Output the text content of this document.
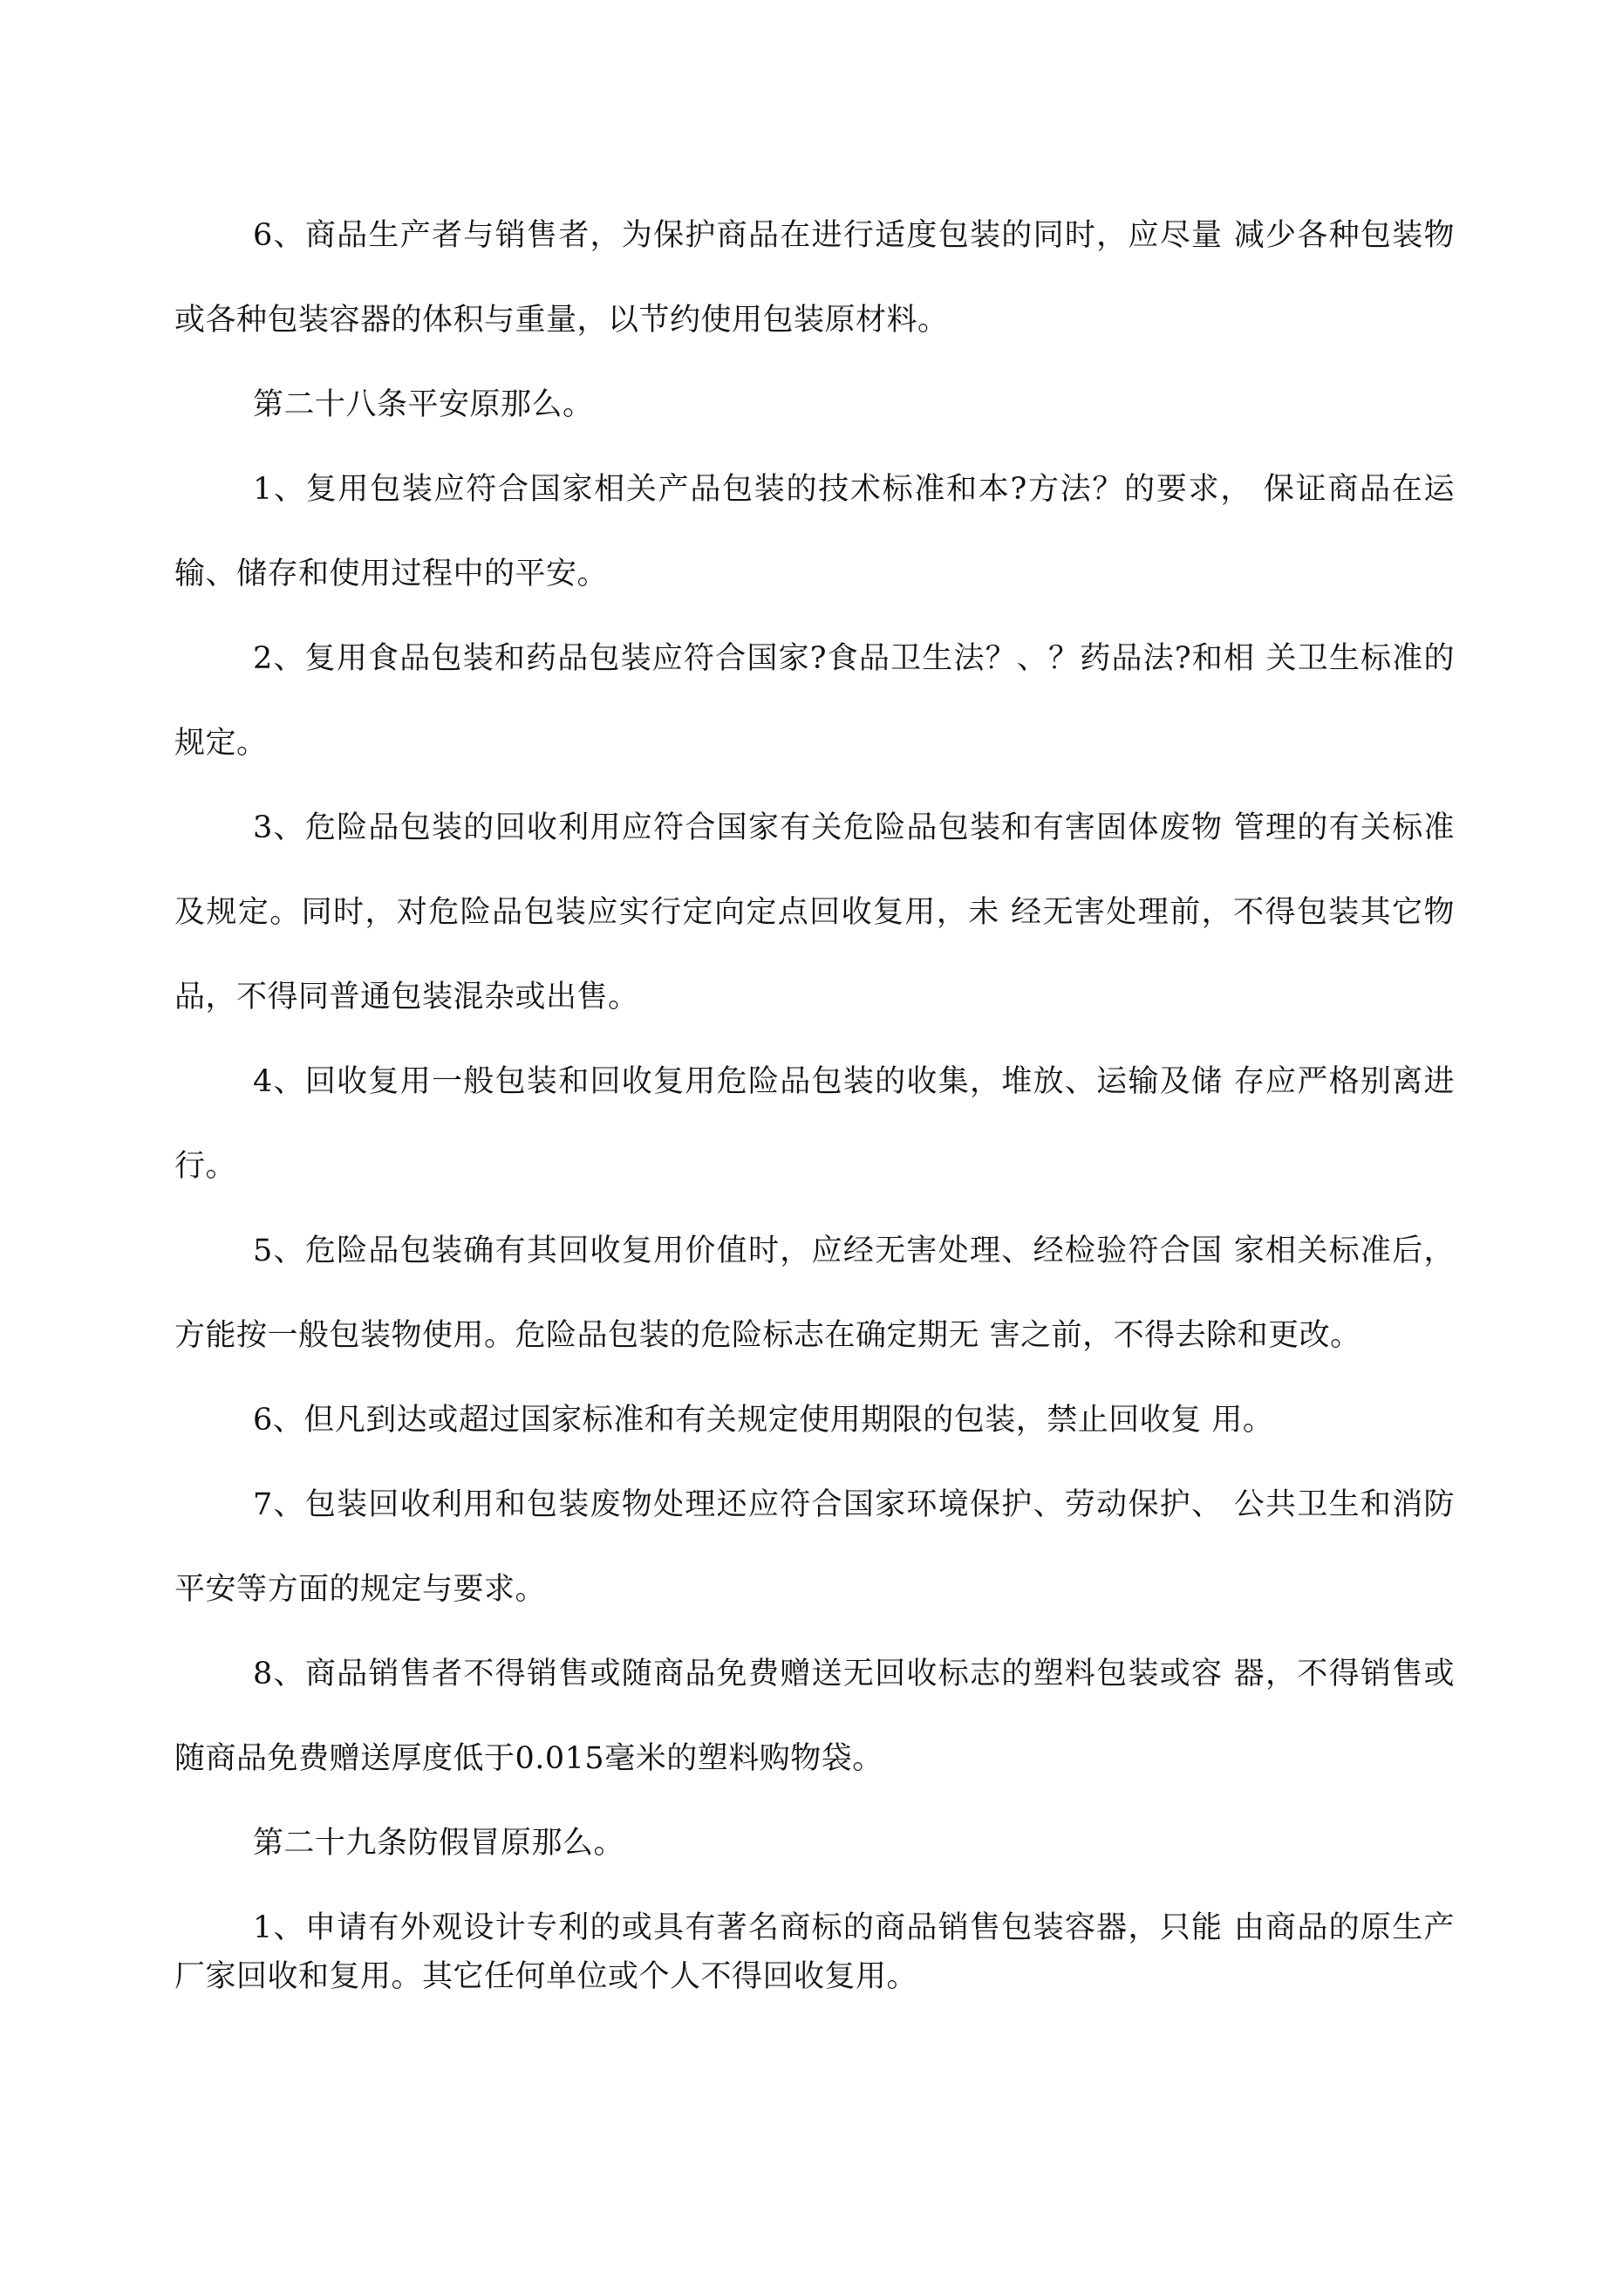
6、商品生产者与销售者，为保护商品在进行适度包装的同时，应尽量 减少各种包装物或各种包装容器的体积与重量，以节约使用包装原材料。

第二十八条平安原那么。

1、复用包装应符合国家相关产品包装的技术标准和本?方法？的要求， 保证商品在运输、储存和使用过程中的平安。

2、复用食品包装和药品包装应符合国家?食品卫生法？、？药品法?和相 关卫生标准的规定。

3、危险品包装的回收利用应符合国家有关危险品包装和有害固体废物 管理的有关标准及规定。同时，对危险品包装应实行定向定点回收复用，未 经无害处理前，不得包装其它物品，不得同普通包装混杂或出售。

4、回收复用一般包装和回收复用危险品包装的收集，堆放、运输及储 存应严格别离进行。

5、危险品包装确有其回收复用价值时，应经无害处理、经检验符合国 家相关标准后，方能按一般包装物使用。危险品包装的危险标志在确定期无 害之前，不得去除和更改。

6、但凡到达或超过国家标准和有关规定使用期限的包装，禁止回收复 用。

7、包装回收利用和包装废物处理还应符合国家环境保护、劳动保护、 公共卫生和消防平安等方面的规定与要求。

8、商品销售者不得销售或随商品免费赠送无回收标志的塑料包装或容 器，不得销售或随商品免费赠送厚度低于0.015毫米的塑料购物袋。

第二十九条防假冒原那么。

1、申请有外观设计专利的或具有著名商标的商品销售包装容器，只能 由商品的原生产厂家回收和复用。其它任何单位或个人不得回收复用。
